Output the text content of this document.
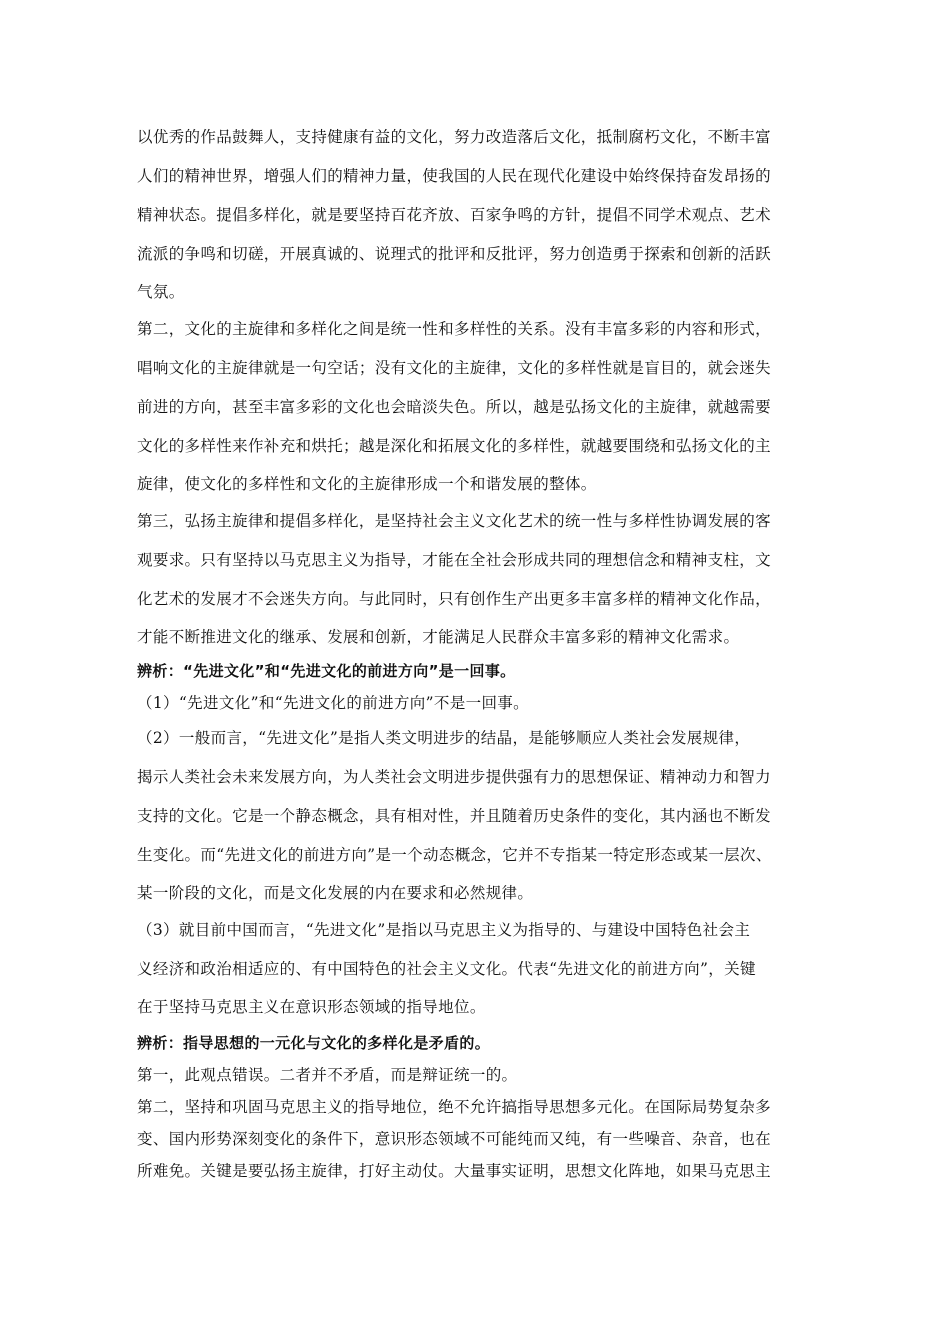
以优秀的作品鼓舞人，支持健康有益的文化，努力改造落后文化，抵制腐朽文化，不断丰富
人们的精神世界，增强人们的精神力量，使我国的人民在现代化建设中始终保持奋发昂扬的
精神状态。提倡多样化，就是要坚持百花齐放、百家争鸣的方针，提倡不同学术观点、艺术
流派的争鸣和切磋，开展真诚的、说理式的批评和反批评，努力创造勇于探索和创新的活跃
气氛。
第二，文化的主旋律和多样化之间是统一性和多样性的关系。没有丰富多彩的内容和形式，
唱响文化的主旋律就是一句空话；没有文化的主旋律，文化的多样性就是盲目的，就会迷失
前进的方向，甚至丰富多彩的文化也会暗淡失色。所以，越是弘扬文化的主旋律，就越需要
文化的多样性来作补充和烘托；越是深化和拓展文化的多样性，就越要围绕和弘扬文化的主
旋律，使文化的多样性和文化的主旋律形成一个和谐发展的整体。
第三，弘扬主旋律和提倡多样化，是坚持社会主义文化艺术的统一性与多样性协调发展的客
观要求。只有坚持以马克思主义为指导，才能在全社会形成共同的理想信念和精神支柱，文
化艺术的发展才不会迷失方向。与此同时，只有创作生产出更多丰富多样的精神文化作品，
才能不断推进文化的继承、发展和创新，才能满足人民群众丰富多彩的精神文化需求。
辨析：“先进文化”和“先进文化的前进方向”是一回事。
（1）“先进文化”和“先进文化的前进方向”不是一回事。
（2）一般而言，“先进文化”是指人类文明进步的结晶，是能够顺应人类社会发展规律，
揭示人类社会未来发展方向，为人类社会文明进步提供强有力的思想保证、精神动力和智力
支持的文化。它是一个静态概念，具有相对性，并且随着历史条件的变化，其内涵也不断发
生变化。而“先进文化的前进方向”是一个动态概念，它并不专指某一特定形态或某一层次、
某一阶段的文化，而是文化发展的内在要求和必然规律。
（3）就目前中国而言，“先进文化”是指以马克思主义为指导的、与建设中国特色社会主
义经济和政治相适应的、有中国特色的社会主义文化。代表“先进文化的前进方向”，关键
在于坚持马克思主义在意识形态领域的指导地位。
辨析：指导思想的一元化与文化的多样化是矛盾的。
第一，此观点错误。二者并不矛盾，而是辩证统一的。
第二，坚持和巩固马克思主义的指导地位，绝不允许搞指导思想多元化。在国际局势复杂多
变、国内形势深刻变化的条件下，意识形态领域不可能纯而又纯，有一些噪音、杂音，也在
所难免。关键是要弘扬主旋律，打好主动仗。大量事实证明，思想文化阵地，如果马克思主
